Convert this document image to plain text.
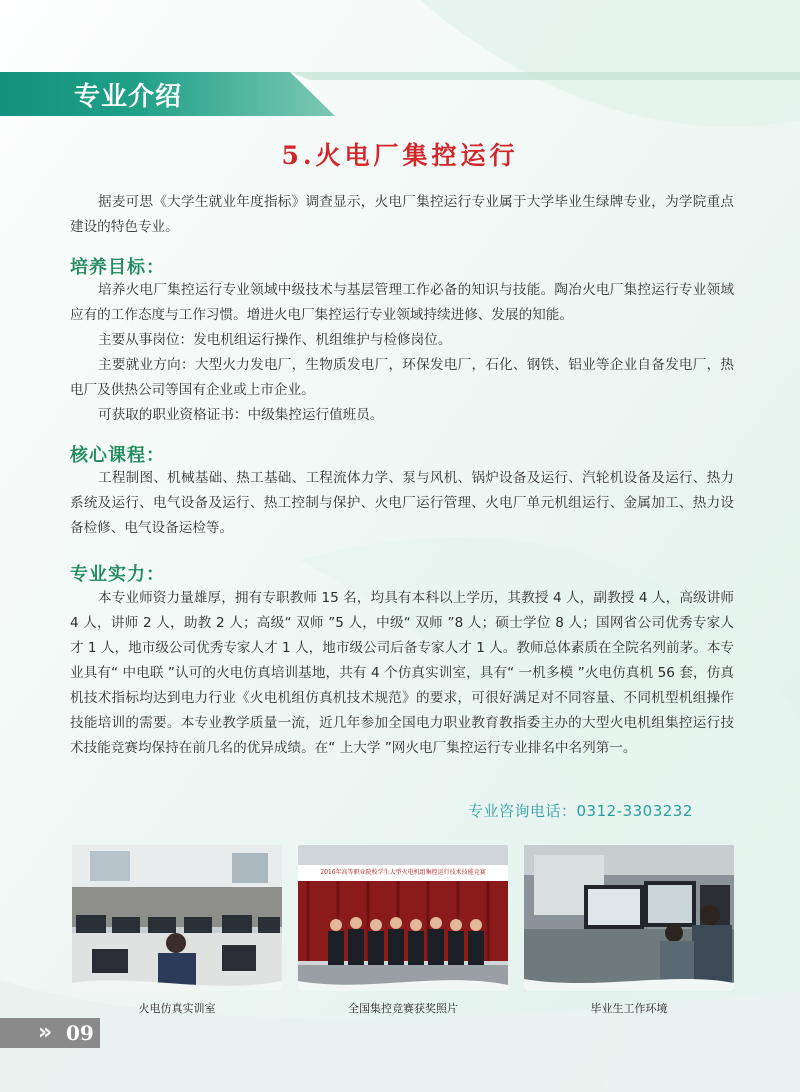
专业介绍
5.火电厂集控运行
据麦可思《大学生就业年度指标》调查显示，火电厂集控运行专业属于大学毕业生绿牌专业，为学院重点建设的特色专业。
培养目标：
培养火电厂集控运行专业领域中级技术与基层管理工作必备的知识与技能。陶冶火电厂集控运行专业领域应有的工作态度与工作习惯。增进火电厂集控运行专业领域持续进修、发展的知能。
主要从事岗位：发电机组运行操作、机组维护与检修岗位。
主要就业方向：大型火力发电厂，生物质发电厂，环保发电厂，石化、钢铁、铝业等企业自备发电厂，热电厂及供热公司等国有企业或上市企业。
可获取的职业资格证书：中级集控运行值班员。
核心课程：
工程制图、机械基础、热工基础、工程流体力学、泵与风机、锅炉设备及运行、汽轮机设备及运行、热力系统及运行、电气设备及运行、热工控制与保护、火电厂运行管理、火电厂单元机组运行、金属加工、热力设备检修、电气设备运检等。
专业实力：
本专业师资力量雄厚，拥有专职教师 15 名，均具有本科以上学历，其教授 4 人，副教授 4 人，高级讲师 4 人，讲师 2 人，助教 2 人；高级“ 双师 ”5 人，中级“ 双师 ”8 人；硕士学位 8 人；国网省公司优秀专家人才 1 人，地市级公司优秀专家人才 1 人，地市级公司后备专家人才 1 人。教师总体素质在全院名列前茅。本专业具有“ 中电联 ”认可的火电仿真培训基地，共有 4 个仿真实训室，具有“ 一机多模 ”火电仿真机 56 套，仿真机技术指标均达到电力行业《火电机组仿真机技术规范》的要求，可很好满足对不同容量、不同机型机组操作技能培训的需要。本专业教学质量一流，近几年参加全国电力职业教育教指委主办的大型火电机组集控运行技术技能竞赛均保持在前几名的优异成绩。在“ 上大学 ”网火电厂集控运行专业排名中名列第一。
专业咨询电话：0312-3303232
火电仿真实训室
2016年高等职业院校学生大型火电机组集控运行技术技能竞赛
全国集控竞赛获奖照片	毕业生工作环境
» 09
